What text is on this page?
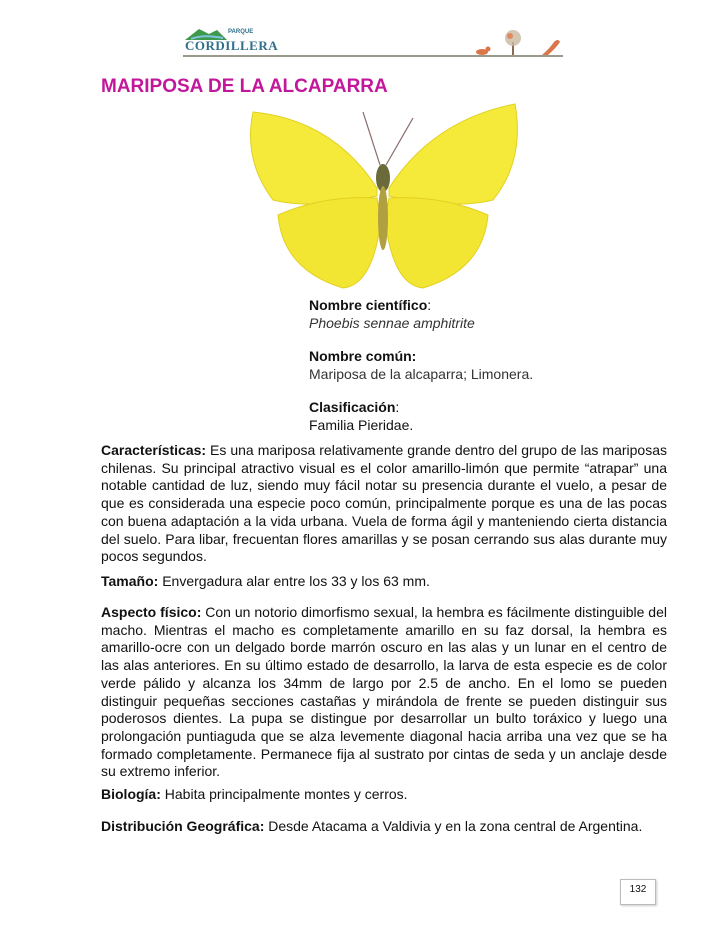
PARQUE
CORDILLERA
MARIPOSA DE LA ALCAPARRA
Nombre científico:
Phoebis sennae amphitrite
Nombre común:
Mariposa de la alcaparra; Limonera.
Clasificación:
Familia Pieridae.
Características: Es una mariposa relativamente grande dentro del grupo de las mariposas chilenas. Su principal atractivo visual es el color amarillo-limón que permite “atrapar” una notable cantidad de luz, siendo muy fácil notar su presencia durante el vuelo, a pesar de que es considerada una especie poco común, principalmente porque es una de las pocas con buena adaptación a la vida urbana. Vuela de forma ágil y manteniendo cierta distancia del suelo. Para libar, frecuentan flores amarillas y se posan cerrando sus alas durante muy pocos segundos.
Tamaño: Envergadura alar entre los 33 y los 63 mm.
Aspecto físico: Con un notorio dimorfismo sexual, la hembra es fácilmente distinguible del macho. Mientras el macho es completamente amarillo en su faz dorsal, la hembra es amarillo-ocre con un delgado borde marrón oscuro en las alas y un lunar en el centro de las alas anteriores. En su último estado de desarrollo, la larva de esta especie es de color verde pálido y alcanza los 34mm de largo por 2.5 de ancho. En el lomo se pueden distinguir pequeñas secciones castañas y mirándola de frente se pueden distinguir sus poderosos dientes. La pupa se distingue por desarrollar un bulto toráxico y luego una prolongación puntiaguda que se alza levemente diagonal hacia arriba una vez que se ha formado completamente. Permanece fija al sustrato por cintas de seda y un anclaje desde su extremo inferior.
Biología: Habita principalmente montes y cerros.
Distribución Geográfica: Desde Atacama a Valdivia y en la zona central de Argentina.
132
